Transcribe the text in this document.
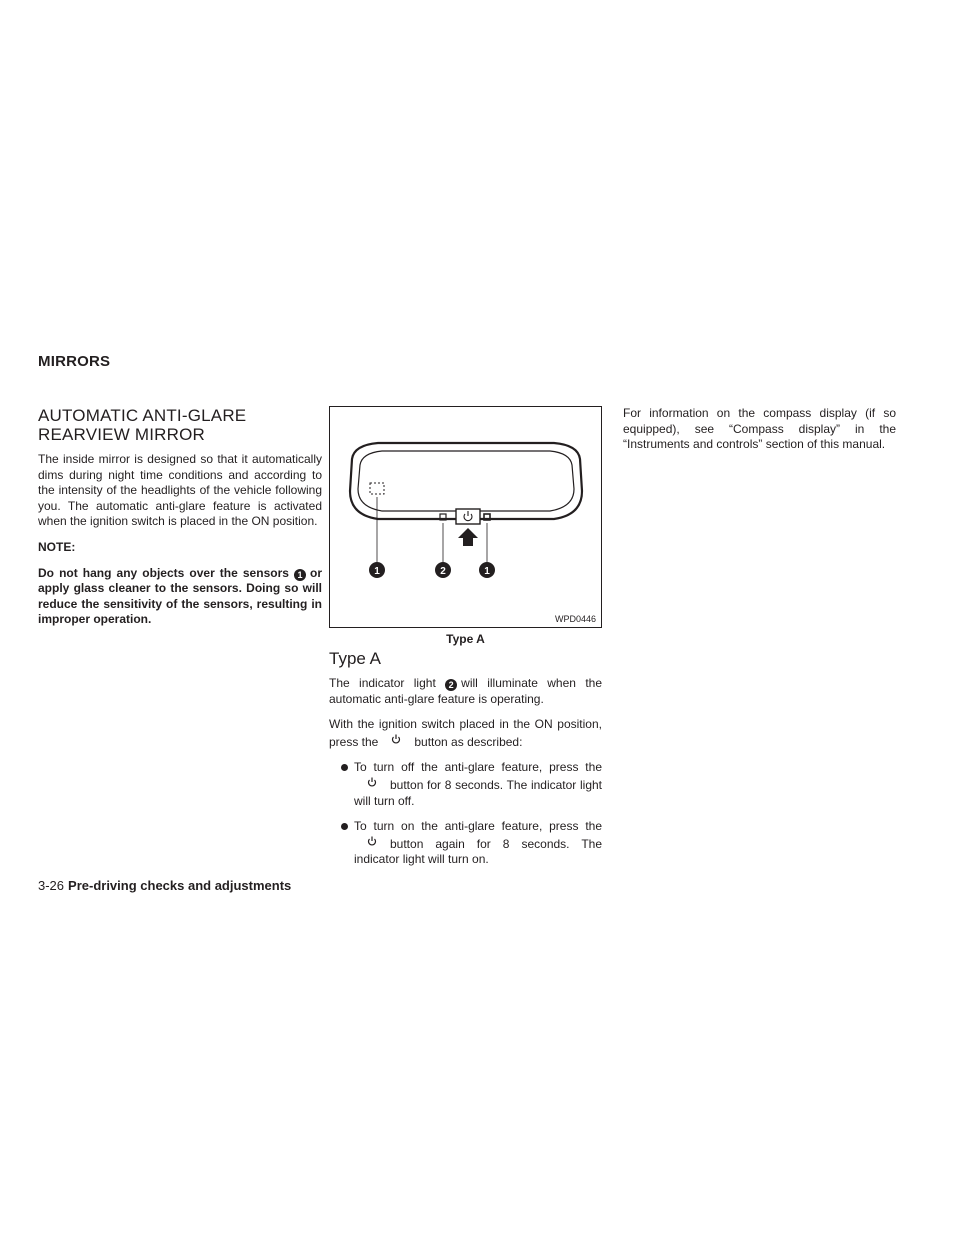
MIRRORS
AUTOMATIC ANTI-GLARE
REARVIEW MIRROR

The inside mirror is designed so that it automatically dims during night time conditions and according to the intensity of the headlights of the vehicle following you. The automatic anti-glare feature is activated when the ignition switch is placed in the ON position.

NOTE:

Do not hang any objects over the sensors 1 or apply glass cleaner to the sensors. Doing so will reduce the sensitivity of the sensors, resulting in improper operation.

1	2	1
WPD0446
Type A
Type A

The indicator light 2 will illuminate when the automatic anti-glare feature is operating.

With the ignition switch placed in the ON position, press the	button as described:

To turn off the anti-glare feature, press thebutton for 8 seconds. The indicator light will turn off.
To turn on the anti-glare feature, press thebutton again for 8 seconds. The indicator light will turn on.

For information on the compass display (if so equipped), see “Compass display” in the “Instruments and controls” section of this manual.

3-26 Pre-driving checks and adjustments
